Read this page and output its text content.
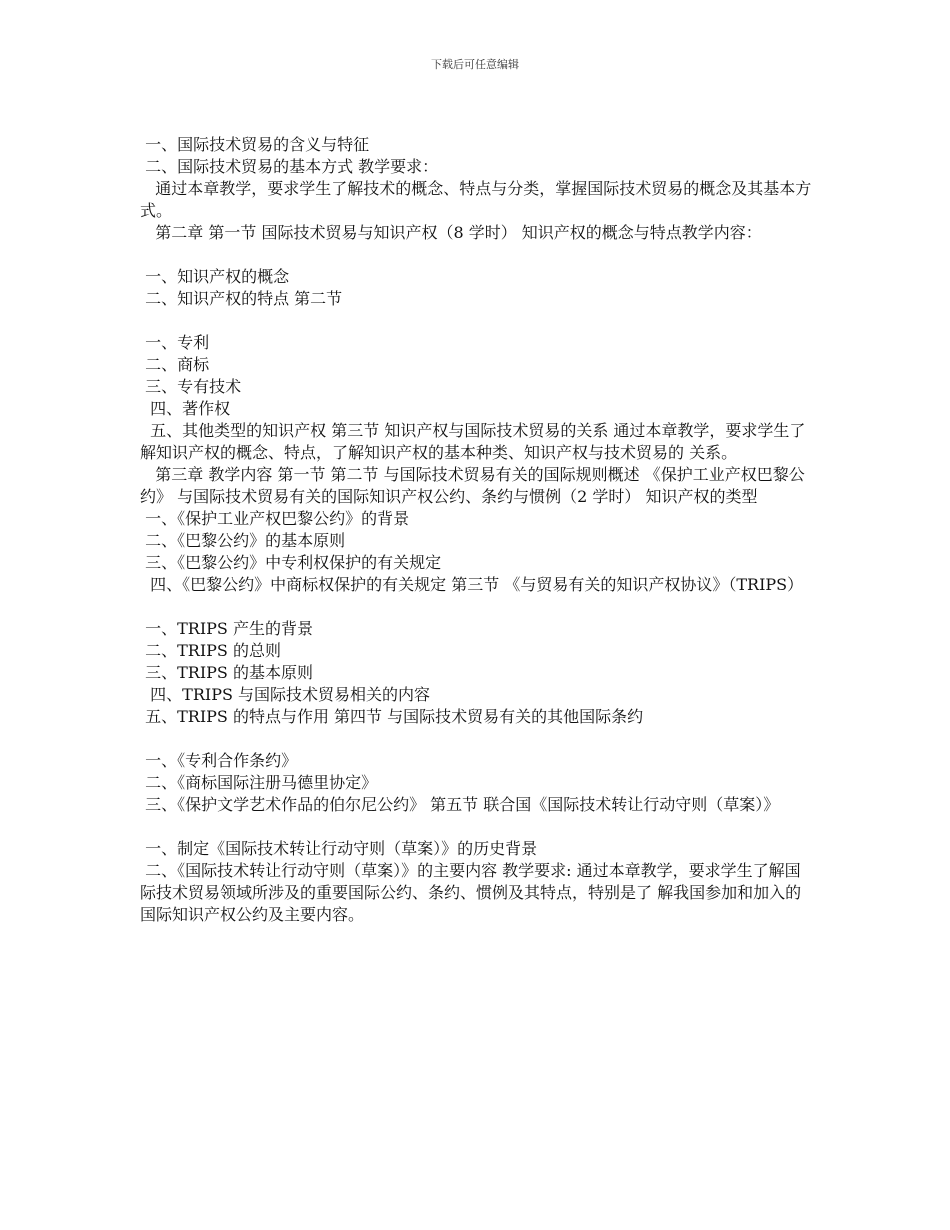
下载后可任意编辑

一、国际技术贸易的含义与特征

二、国际技术贸易的基本方式 教学要求：

通过本章教学，要求学生了解技术的概念、特点与分类，掌握国际技术贸易的概念及其基本方式。

第二章 第一节 国际技术贸易与知识产权（8 学时） 知识产权的概念与特点教学内容：

一、知识产权的概念

二、知识产权的特点 第二节

一、专利

二、商标

三、专有技术

四、著作权

五、其他类型的知识产权 第三节 知识产权与国际技术贸易的关系 通过本章教学，要求学生了解知识产权的概念、特点，了解知识产权的基本种类、知识产权与技术贸易的 关系。

第三章 教学内容 第一节 第二节 与国际技术贸易有关的国际规则概述 《保护工业产权巴黎公约》 与国际技术贸易有关的国际知识产权公约、条约与惯例（2 学时） 知识产权的类型

一、《保护工业产权巴黎公约》的背景

二、《巴黎公约》的基本原则

三、《巴黎公约》中专利权保护的有关规定

四、《巴黎公约》中商标权保护的有关规定 第三节 《与贸易有关的知识产权协议》（TRIPS）

一、TRIPS 产生的背景

二、TRIPS 的总则

三、TRIPS 的基本原则

四、TRIPS 与国际技术贸易相关的内容

五、TRIPS 的特点与作用 第四节 与国际技术贸易有关的其他国际条约

一、《专利合作条约》

二、《商标国际注册马德里协定》

三、《保护文学艺术作品的伯尔尼公约》 第五节 联合国《国际技术转让行动守则（草案）》

一、制定《国际技术转让行动守则（草案）》的历史背景

二、《国际技术转让行动守则（草案）》的主要内容 教学要求: 通过本章教学，要求学生了解国际技术贸易领域所涉及的重要国际公约、条约、惯例及其特点，特别是了 解我国参加和加入的国际知识产权公约及主要内容。
